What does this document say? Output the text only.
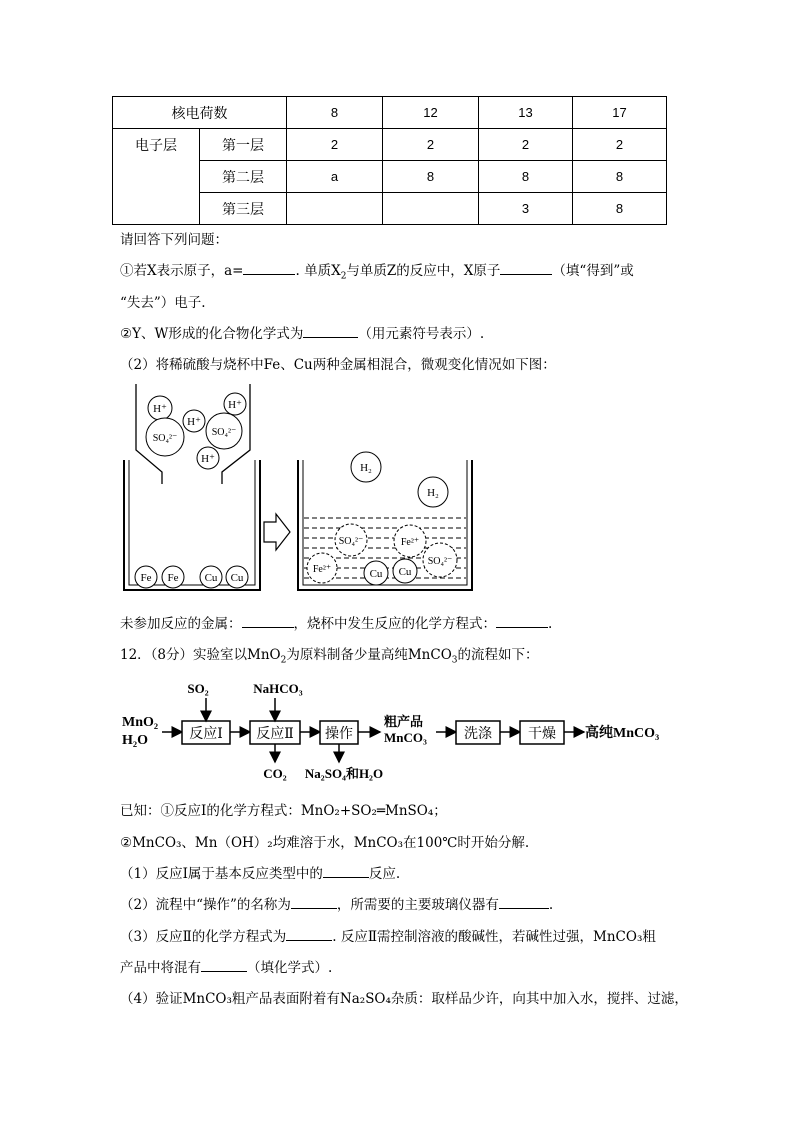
核电荷数		8	12	13	17
电子层	第一层	2	2	2	2
	第二层	a	8	8	8
	第三层			3	8
请回答下列问题：
①若X表示原子，a=	. 单质$X_2$与单质Z的反应中，X原子	（填“得到”或
“失去”）电子.
②Y、W形成的化合物化学式为	（用元素符号表示）.
（2）将稀硫酸与烧杯中Fe、Cu两种金属相混合，微观变化情况如下图：
H⁺	H⁺
H⁺
H⁺
SO₄²⁻
SO₄²⁻
Fe Fe Cu Cu
H₂
H₂
SO₄²⁻	Fe²⁺
SO₄²⁻
Fe²⁺	Cu Cu
未参加反应的金属：	，烧杯中发生反应的化学方程式：	.
12．（8分）实验室以MnO$_2$为原料制备少量高纯MnCO$_3$的流程如下：
MnO₂
H₂O	反应Ⅰ
SO₂
反应Ⅱ
NaHCO₃
CO₂
操作
Na₂SO₄和H₂O
粗产品
MnCO₃	洗涤	干燥 高纯MnCO₃
已知：①反应Ⅰ的化学方程式：MnO₂+SO₂═MnSO₄；
②MnCO₃、Mn（OH）₂均难溶于水，MnCO₃在100℃时开始分解.
（1）反应Ⅰ属于基本反应类型中的	反应.
（2）流程中“操作”的名称为	，所需要的主要玻璃仪器有	.
（3）反应Ⅱ的化学方程式为	. 反应Ⅱ需控制溶液的酸碱性，若碱性过强，MnCO₃粗
产品中将混有	（填化学式）.
（4）验证MnCO₃粗产品表面附着有Na₂SO₄杂质：取样品少许，向其中加入水，搅拌、过滤，
